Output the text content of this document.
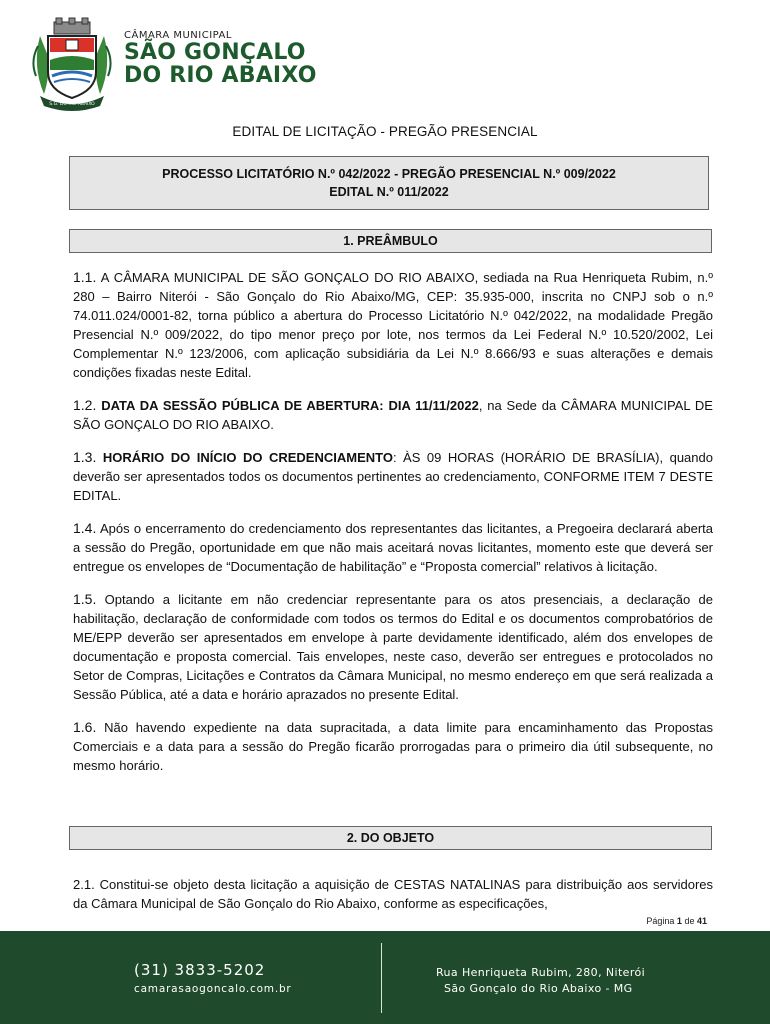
S.G. DO RIO ABAIXO
CÂMARA MUNICIPAL
SÃO GONÇALO
DO RIO ABAIXO
EDITAL DE LICITAÇÃO - PREGÃO PRESENCIAL
PROCESSO LICITATÓRIO N.º 042/2022 - PREGÃO PRESENCIAL N.º 009/2022
EDITAL N.º 011/2022
1. PREÂMBULO

1.1. A CÂMARA MUNICIPAL DE SÃO GONÇALO DO RIO ABAIXO, sediada na Rua Henriqueta Rubim, n.º 280 – Bairro Niterói - São Gonçalo do Rio Abaixo/MG, CEP: 35.935-000, inscrita no CNPJ sob o n.º 74.011.024/0001-82, torna público a abertura do Processo Licitatório N.º 042/2022, na modalidade Pregão Presencial N.º 009/2022, do tipo menor preço por lote, nos termos da Lei Federal N.º 10.520/2002, Lei Complementar N.º 123/2006, com aplicação subsidiária da Lei N.º 8.666/93 e suas alterações e demais condições fixadas neste Edital.

1.2. DATA DA SESSÃO PÚBLICA DE ABERTURA: DIA 11/11/2022, na Sede da CÂMARA MUNICIPAL DE SÃO GONÇALO DO RIO ABAIXO.

1.3. HORÁRIO DO INÍCIO DO CREDENCIAMENTO: ÀS 09 HORAS (HORÁRIO DE BRASÍLIA), quando deverão ser apresentados todos os documentos pertinentes ao credenciamento, CONFORME ITEM 7 DESTE EDITAL.

1.4. Após o encerramento do credenciamento dos representantes das licitantes, a Pregoeira declarará aberta a sessão do Pregão, oportunidade em que não mais aceitará novas licitantes, momento este que deverá ser entregue os envelopes de “Documentação de habilitação” e “Proposta comercial” relativos à licitação.

1.5. Optando a licitante em não credenciar representante para os atos presenciais, a declaração de habilitação, declaração de conformidade com todos os termos do Edital e os documentos comprobatórios de ME/EPP deverão ser apresentados em envelope à parte devidamente identificado, além dos envelopes de documentação e proposta comercial. Tais envelopes, neste caso, deverão ser entregues e protocolados no Setor de Compras, Licitações e Contratos da Câmara Municipal, no mesmo endereço em que será realizada a Sessão Pública, até a data e horário aprazados no presente Edital.

1.6. Não havendo expediente na data supracitada, a data limite para encaminhamento das Propostas Comerciais e a data para a sessão do Pregão ficarão prorrogadas para o primeiro dia útil subsequente, no mesmo horário.

2. DO OBJETO

2.1. Constitui-se objeto desta licitação a aquisição de CESTAS NATALINAS para distribuição aos servidores da Câmara Municipal de São Gonçalo do Rio Abaixo, conforme as especificações,

Página 1 de 41
(31) 3833-5202
camarasaogoncalo.com.br
Rua Henriqueta Rubim, 280, Niterói
São Gonçalo do Rio Abaixo - MG
